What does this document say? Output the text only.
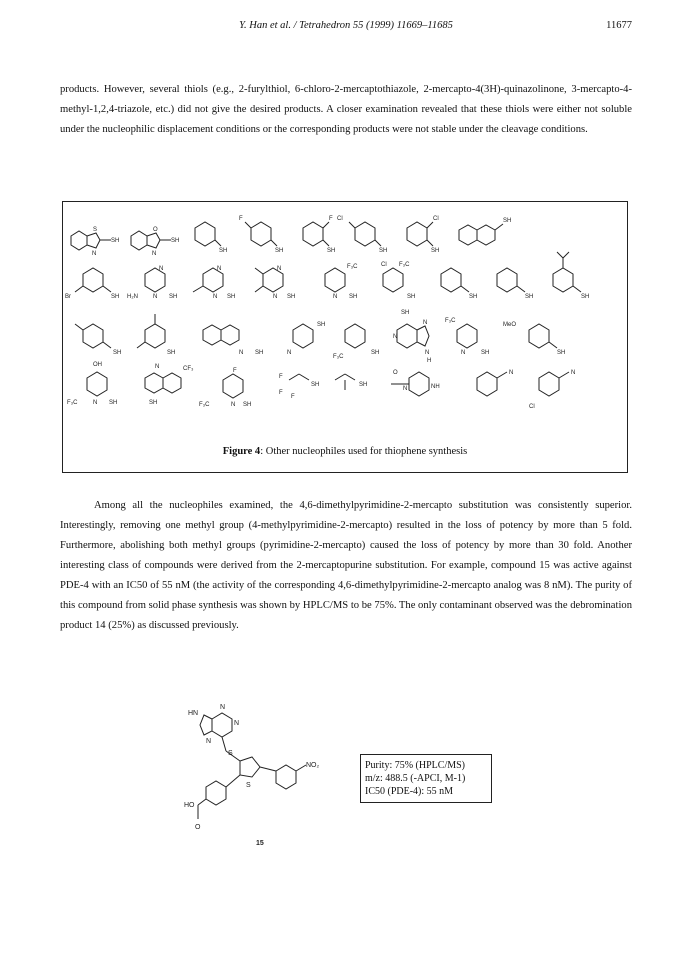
Y. Han et al. / Tetrahedron 55 (1999) 11669–11685	11677
products. However, several thiols (e.g., 2-furylthiol, 6-chloro-2-mercaptothiazole, 2-mercapto-4(3H)-quinazolinone, 3-mercapto-4-methyl-1,2,4-triazole, etc.) did not give the desired products. A closer examination revealed that these thiols were either not soluble under the nucleophilic displacement conditions or the corresponding products were not stable under the cleavage conditions.
S
N
SH
O
N
SH
SH
F
SH
F
SH
Cl
SH
Cl
SH
SH
Br	SH H₂N
N
N SH
N
N SH
N
N SH
F₃C
N SH
Cl F₃C
SH	SH	SH	SH
SH	SH	N SH	N
SH
F₃C
SH
SH
N
N
N
H
F₃C
N	SH
MeO
SH
OH
F₃C	N SH
N	CF₃
SH	F₃C	N SH
F
F
F
F
SH	SH	NH
N
O	N	N
Cl
Figure 4: Other nucleophiles used for thiophene synthesis
Among all the nucleophiles examined, the 4,6-dimethylpyrimidine-2-mercapto substitution was consistently superior. Interestingly, removing one methyl group (4-methylpyrimidine-2-mercapto) resulted in the loss of potency by more than 5 fold. Furthermore, abolishing both methyl groups (pyrimidine-2-mercapto) caused the loss of potency by more than 30 fold. Another interesting class of compounds were derived from the 2-mercaptopurine substitution. For example, compound 15 was active against PDE-4 with an IC50 of 55 nM (the activity of the corresponding 4,6-dimethylpyrimidine-2-mercapto analog was 8 nM). The purity of this compound from solid phase synthesis was shown by HPLC/MS to be 75%. The only contaminant observed was the debromination product 14 (25%) as discussed previously.
N
HN
N
N
S
S
NO₂
HO
O
15
Purity: 75% (HPLC/MS)
m/z: 488.5 (-APCI, M-1)
IC50 (PDE-4): 55 nM
